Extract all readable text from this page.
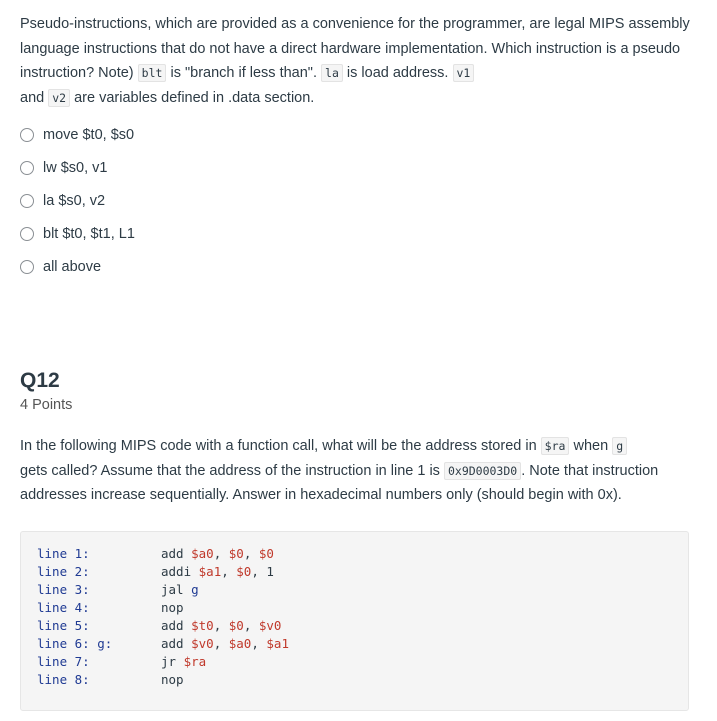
Pseudo-instructions, which are provided as a convenience for the programmer, are legal MIPS assembly language instructions that do not have a direct hardware implementation. Which instruction is a pseudo instruction? Note) blt is "branch if less than". la is load address. v1
and v2 are variables defined in .data section.

move $t0, $s0
lw $s0, v1
la $s0, v2
blt $t0, $t1, L1
all above
Q12
4 Points

In the following MIPS code with a function call, what will be the address stored in $ra when g
gets called? Assume that the address of the instruction in line 1 is 0x9D0003D0 . Note that instruction addresses increase sequentially. Answer in hexadecimal numbers only (should begin with 0x).

line 1:	add $a0, $0, $0
line 2:	addi $a1, $0, 1
line 3:	jal g
line 4:	nop
line 5:	add $t0, $0, $v0
line 6: g:	add $v0, $a0, $a1
line 7:	jr $ra
line 8:	nop
